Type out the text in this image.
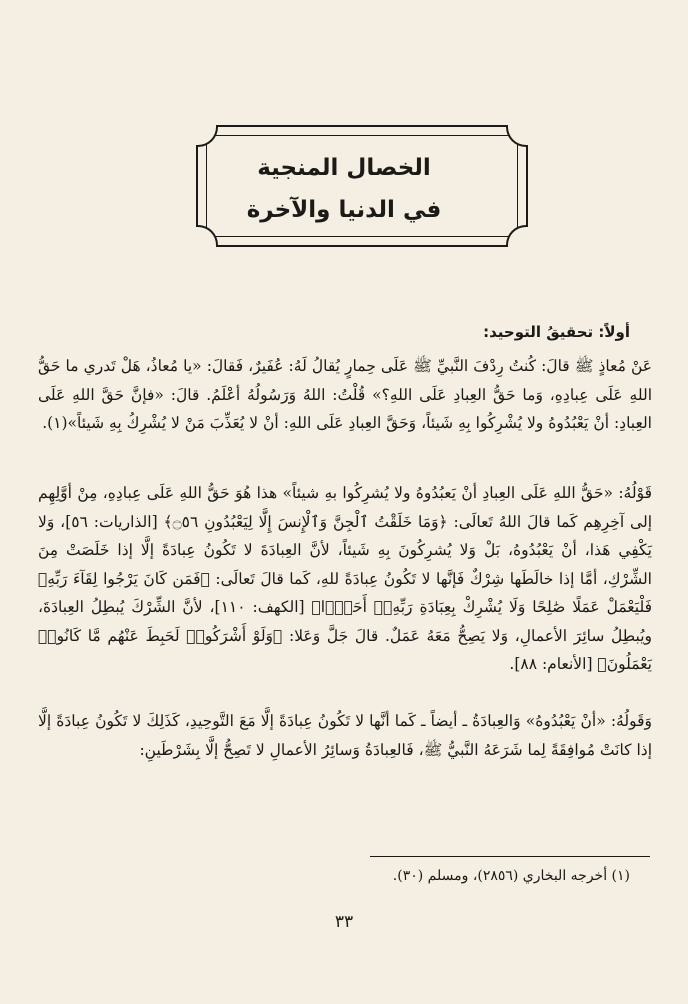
الخصال المنجية
في الدنيا والآخرة
أولاً: تحقيقُ التوحيد:
عَنْ مُعاذٍ ﷺ قالَ: كُنتُ رِدْفَ النَّبيِّ ﷺ عَلَى حِمارٍ يُقالُ لَهُ: عُفَيرٌ، فَقالَ: «يا مُعاذُ، هَلْ تَدري ما حَقُّ اللهِ عَلَى عِبادِهِ، وَما حَقُّ العِبادِ عَلَى اللهِ؟» قُلْتُ: اللهُ وَرَسُولُهُ أعْلَمُ. قالَ: «فإنَّ حَقَّ اللهِ عَلَى العِبادِ: أنْ يَعْبُدُوهُ ولا يُشْرِكُوا بِهِ شَيئاً، وَحَقَّ العِبادِ عَلَى اللهِ: أنْ لا يُعَذِّبَ مَنْ لا يُشْرِكُ بِهِ شَيئاً»(١).
قَوْلُهُ: «حَقُّ اللهِ عَلَى العِبادِ أنْ يَعبُدُوهُ ولا يُشرِكُوا بهِ شيئاً» هذا هُوَ حَقُّ اللهِ عَلَى عِبادِهِ، مِنْ أوَّلِهِم إلى آخِرِهِم كَما قالَ اللهُ تَعالَى: ﴿وَمَا خَلَقْتُ ٱلْجِنَّ وَٱلْإِنسَ إِلَّا لِيَعْبُدُونِ ۝٥٦﴾ [الذاريات: ٥٦]، وَلا يَكْفِي هَذا، أنْ يَعْبُدُوهُ، بَلْ وَلا يُشرِكُونَ بِهِ شَيئاً، لأنَّ العِبادَةَ لا تَكُونُ عِبادَةً إلَّا إذا خَلَصَتْ مِنَ الشِّرْكِ، أمَّا إذا خالَطَها شِرْكٌ فَإنَّها لا تَكُونُ عِبادَةً للهِ، كَما قالَ تَعالَى: ﴿فَمَن كَانَ يَرْجُوا لِقَآءَ رَبِّهِۦ فَلْيَعْمَلْ عَمَلًا صَٰلِحًا وَلَا يُشْرِكْ بِعِبَادَةِ رَبِّهِۦٓ أَحَدًۢا﴾ [الكهف: ١١٠]، لأنَّ الشِّرْكَ يُبطِلُ العِبادَةَ، ويُبطِلُ سائِرَ الأعمالِ، وَلا يَصِحُّ مَعَهُ عَمَلٌ. قالَ جَلَّ وَعَلا: ﴿وَلَوْ أَشْرَكُوا۟ لَحَبِطَ عَنْهُم مَّا كَانُوا۟ يَعْمَلُونَ﴾ [الأنعام: ٨٨].
وَقَولُهُ: «أنْ يَعْبُدُوهُ» وَالعِبادَةُ ـ أيضاً ـ كَما أنَّها لا تَكُونُ عِبادَةً إلَّا مَعَ التَّوحِيدِ، كَذَلِكَ لا تَكُونُ عِبادَةً إلَّا إذا كانَتْ مُوافِقَةً لِما شَرَعَهُ النَّبيُّ ﷺ، فَالعِبادَةُ وَسائِرُ الأعمالِ لا تَصِحُّ إلَّا بِشَرْطَينِ:
(١) أخرجه البخاري (٢٨٥٦)، ومسلم (٣٠).
٣٣
